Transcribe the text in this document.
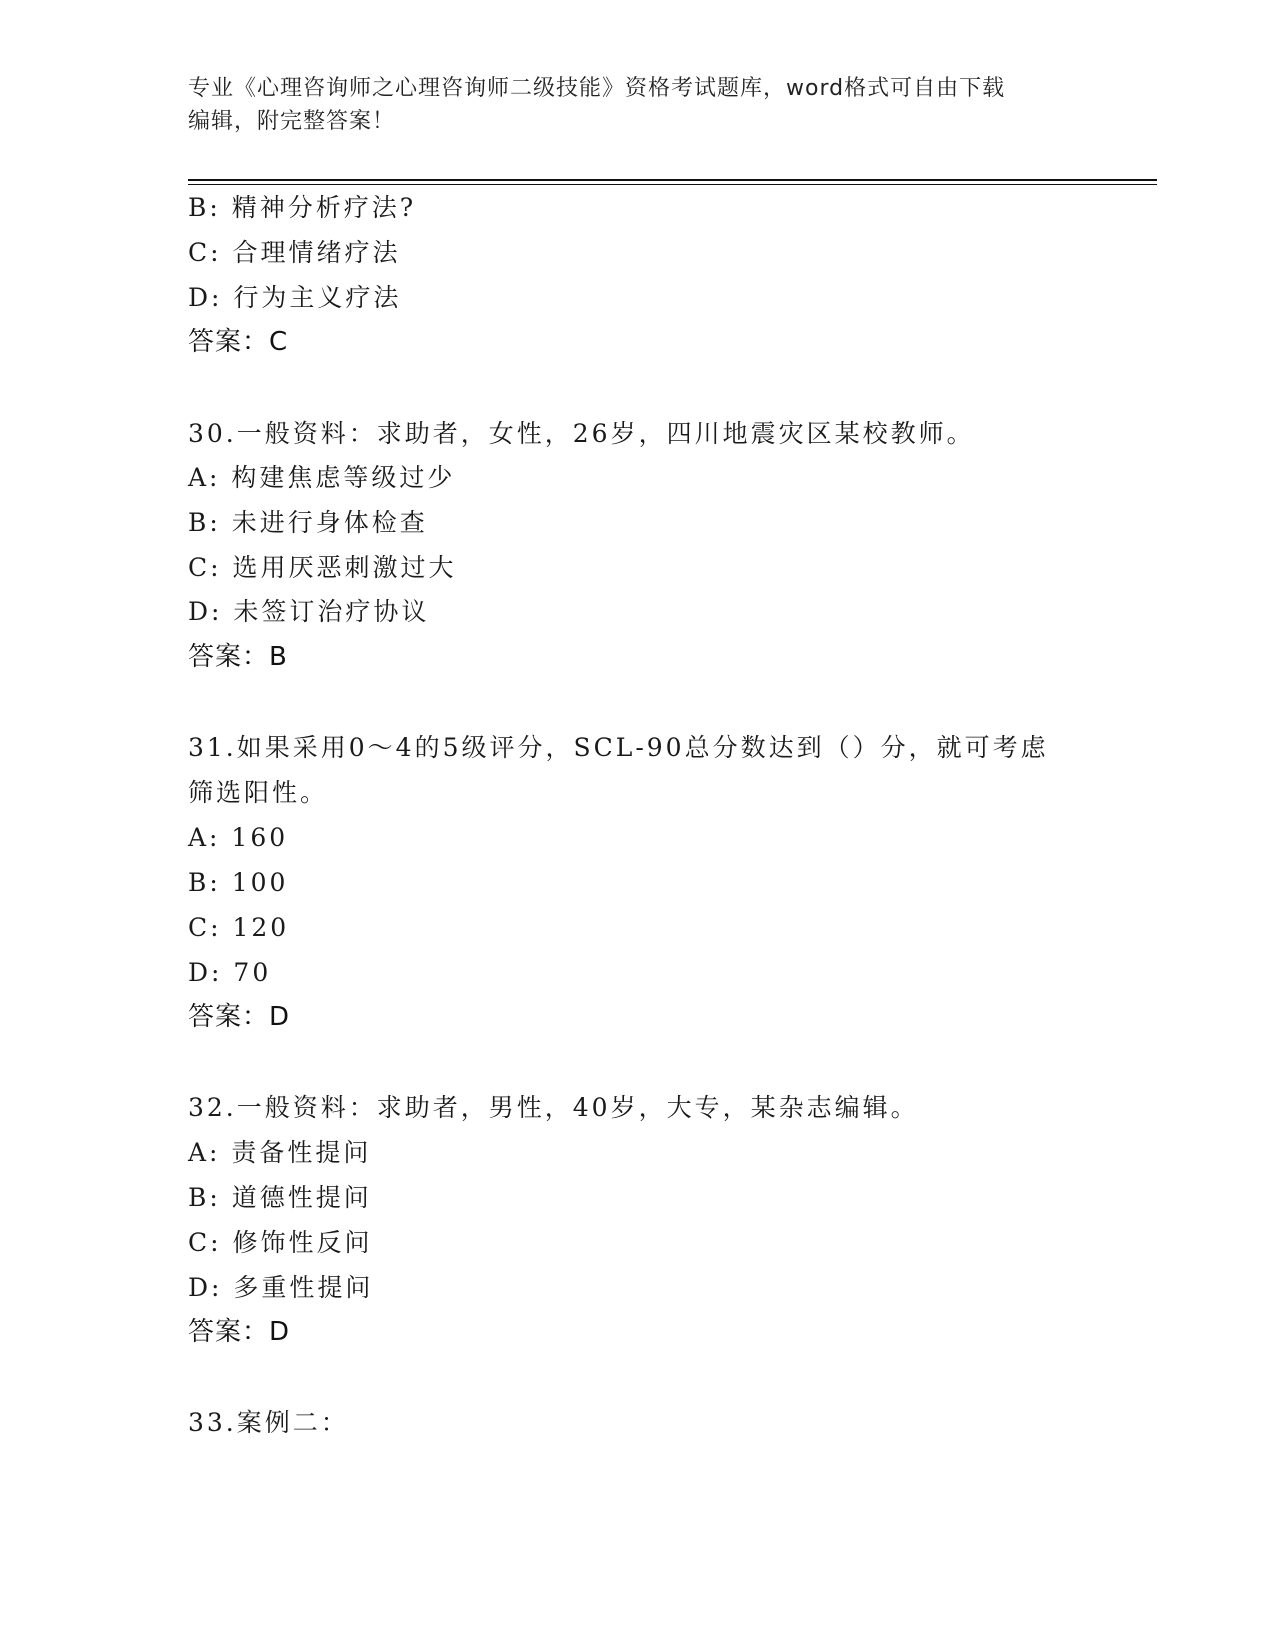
专业《心理咨询师之心理咨询师二级技能》资格考试题库，word格式可自由下载
编辑，附完整答案！
B: 精神分析疗法?
C: 合理情绪疗法
D: 行为主义疗法
答案：C
30.一般资料：求助者，女性，26岁，四川地震灾区某校教师。
A: 构建焦虑等级过少
B: 未进行身体检查
C: 选用厌恶刺激过大
D: 未签订治疗协议
答案：B
31.如果采用0～4的5级评分，SCL-90总分数达到（）分，就可考虑
筛选阳性。
A: 160
B: 100
C: 120
D: 70
答案：D
32.一般资料：求助者，男性，40岁，大专，某杂志编辑。
A: 责备性提问
B: 道德性提问
C: 修饰性反问
D: 多重性提问
答案：D
33.案例二：
